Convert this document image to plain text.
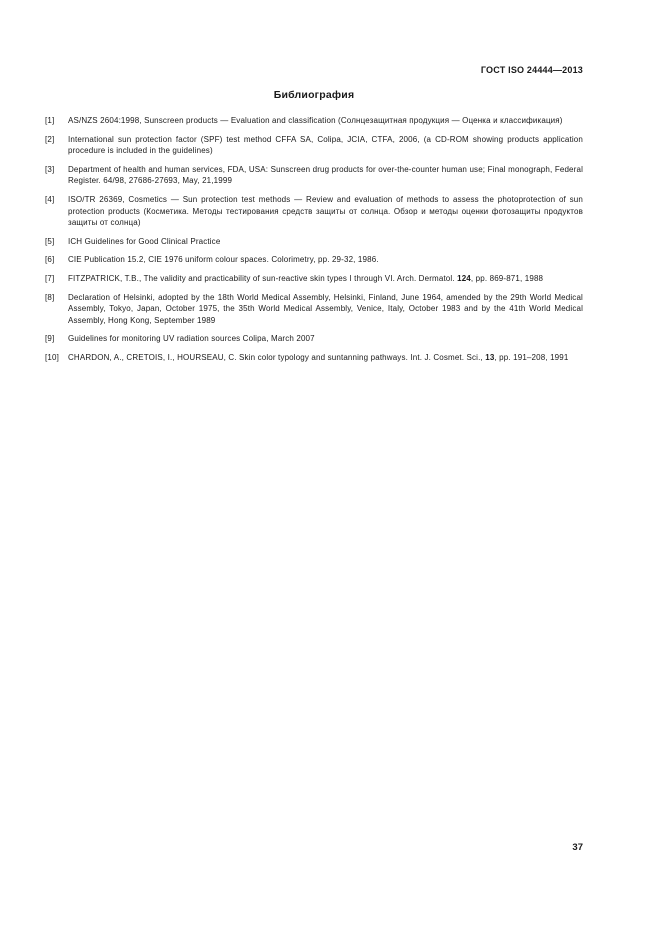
ГОСТ ISO 24444—2013
Библиография
[1]	AS/NZS 2604:1998, Sunscreen products — Evaluation and classification (Солнцезащитная продукция — Оценка и классификация)
[2]	International sun protection factor (SPF) test method CFFA SA, Colipa, JCIA, CTFA, 2006, (a CD-ROM showing products application procedure is included in the guidelines)
[3]	Department of health and human services, FDA, USA: Sunscreen drug products for over-the-counter human use; Final monograph, Federal Register. 64/98, 27686-27693, May, 21,1999
[4]	ISO/TR 26369, Cosmetics — Sun protection test methods — Review and evaluation of methods to assess the photoprotection of sun protection products (Косметика. Методы тестирования средств защиты от солнца. Обзор и методы оценки фотозащиты продуктов защиты от солнца)
[5]	ICH Guidelines for Good Clinical Practice
[6]	CIE Publication 15.2, CIE 1976 uniform colour spaces. Colorimetry, pp. 29-32, 1986.
[7]	FITZPATRICK, T.B., The validity and practicability of sun-reactive skin types I through VI. Arch. Dermatol. 124, pp. 869-871, 1988
[8]	Declaration of Helsinki, adopted by the 18th World Medical Assembly, Helsinki, Finland, June 1964, amended by the 29th World Medical Assembly, Tokyo, Japan, October 1975, the 35th World Medical Assembly, Venice, Italy, October 1983 and by the 41th World Medical Assembly, Hong Kong, September 1989
[9]	Guidelines for monitoring UV radiation sources Colipa, March 2007
[10]	CHARDON, A., CRETOIS, I., HOURSEAU, C. Skin color typology and suntanning pathways. Int. J. Cosmet. Sci., 13, pp. 191–208, 1991
37
